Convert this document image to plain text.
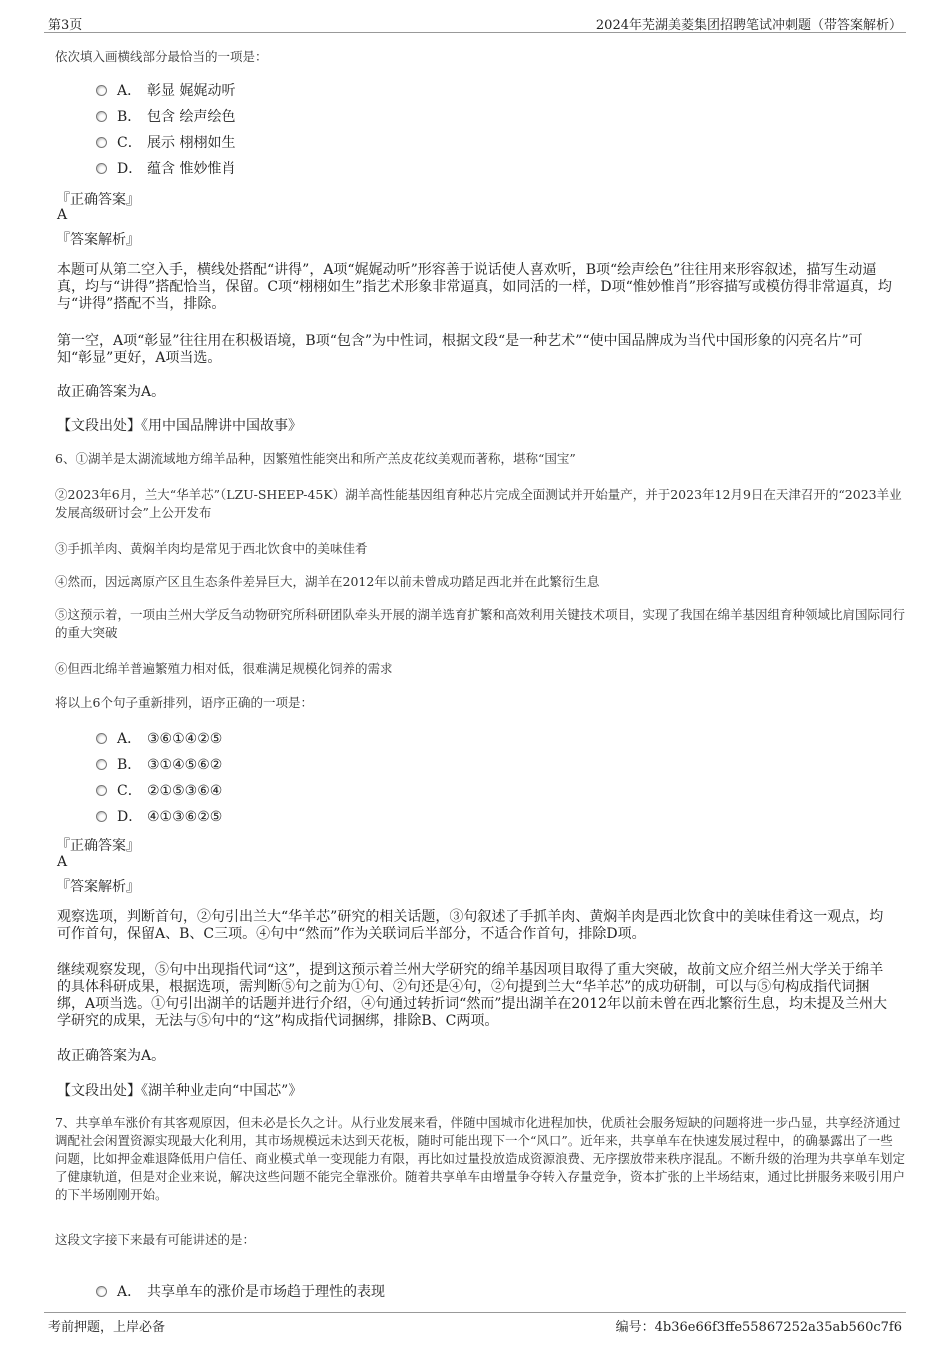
第3页	2024年芜湖美菱集团招聘笔试冲刺题（带答案解析）
依次填入画横线部分最恰当的一项是：
A． 彰显 娓娓动听
B． 包含 绘声绘色
C． 展示 栩栩如生
D． 蕴含 惟妙惟肖
『正确答案』
A
『答案解析』
本题可从第二空入手，横线处搭配“讲得”，A项“娓娓动听”形容善于说话使人喜欢听，B项“绘声绘色”往往用来形容叙述，描写生动逼真，均与“讲得”搭配恰当，保留。C项“栩栩如生”指艺术形象非常逼真，如同活的一样，D项“惟妙惟肖”形容描写或模仿得非常逼真，均与“讲得”搭配不当，排除。
第一空，A项“彰显”往往用在积极语境，B项“包含”为中性词，根据文段“是一种艺术”“使中国品牌成为当代中国形象的闪亮名片”可知“彰显”更好，A项当选。
故正确答案为A。
【文段出处】《用中国品牌讲中国故事》
6、①湖羊是太湖流域地方绵羊品种，因繁殖性能突出和所产羔皮花纹美观而著称，堪称“国宝”
②2023年6月，兰大“华羊芯”（LZU-SHEEP-45K）湖羊高性能基因组育种芯片完成全面测试并开始量产，并于2023年12月9日在天津召开的“2023羊业发展高级研讨会”上公开发布
③手抓羊肉、黄焖羊肉均是常见于西北饮食中的美味佳肴
④然而，因远离原产区且生态条件差异巨大，湖羊在2012年以前未曾成功踏足西北并在此繁衍生息
⑤这预示着，一项由兰州大学反刍动物研究所科研团队牵头开展的湖羊选育扩繁和高效利用关键技术项目，实现了我国在绵羊基因组育种领域比肩国际同行的重大突破
⑥但西北绵羊普遍繁殖力相对低，很难满足规模化饲养的需求
将以上6个句子重新排列，语序正确的一项是：
A． ③⑥①④②⑤
B． ③①④⑤⑥②
C． ②①⑤③⑥④
D． ④①③⑥②⑤
『正确答案』
A
『答案解析』
观察选项，判断首句，②句引出兰大“华羊芯”研究的相关话题，③句叙述了手抓羊肉、黄焖羊肉是西北饮食中的美味佳肴这一观点，均可作首句，保留A、B、C三项。④句中“然而”作为关联词后半部分，不适合作首句，排除D项。
继续观察发现，⑤句中出现指代词“这”，提到这预示着兰州大学研究的绵羊基因项目取得了重大突破，故前文应介绍兰州大学关于绵羊的具体科研成果，根据选项，需判断⑤句之前为①句、②句还是④句，②句提到兰大“华羊芯”的成功研制，可以与⑤句构成指代词捆绑，A项当选。①句引出湖羊的话题并进行介绍，④句通过转折词“然而”提出湖羊在2012年以前未曾在西北繁衍生息，均未提及兰州大学研究的成果，无法与⑤句中的“这”构成指代词捆绑，排除B、C两项。
故正确答案为A。
【文段出处】《湖羊种业走向“中国芯”》
7、共享单车涨价有其客观原因，但未必是长久之计。从行业发展来看，伴随中国城市化进程加快，优质社会服务短缺的问题将进一步凸显，共享经济通过调配社会闲置资源实现最大化利用，其市场规模远未达到天花板，随时可能出现下一个“风口”。近年来，共享单车在快速发展过程中，的确暴露出了一些问题，比如押金难退降低用户信任、商业模式单一变现能力有限，再比如过量投放造成资源浪费、无序摆放带来秩序混乱。不断升级的治理为共享单车划定了健康轨道，但是对企业来说，解决这些问题不能完全靠涨价。随着共享单车由增量争夺转入存量竞争，资本扩张的上半场结束，通过比拼服务来吸引用户的下半场刚刚开始。
这段文字接下来最有可能讲述的是：
A． 共享单车的涨价是市场趋于理性的表现
考前押题，上岸必备	编号：4b36e66f3ffe55867252a35ab560c7f6
